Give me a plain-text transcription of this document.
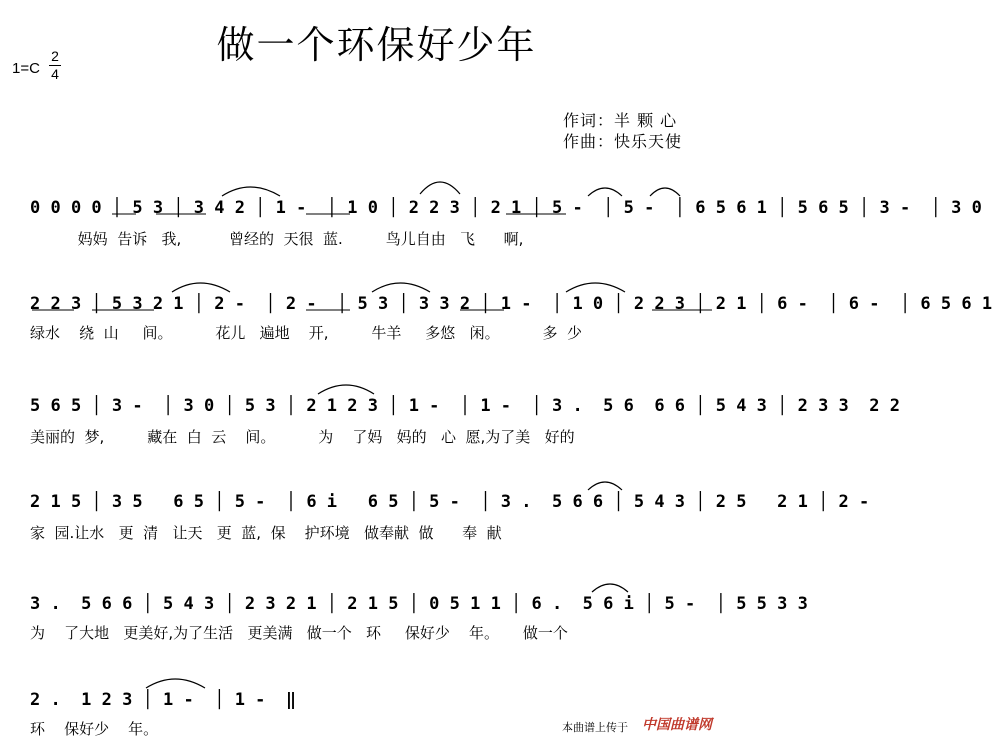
做一个环保好少年
1=C
2
4
作词：半 颗 心
作曲：快乐天使
0 0 0 0 │ 5 3 │ 3 4 2 │ 1 -  │ 1 0 │ 2 2 3 │ 2 1 │ 5 -  │ 5 -  │ 6 5 6 1 │ 5 6 5 │ 3 -  │ 3 0
妈妈  告诉   我,          曾经的  天很  蓝.         鸟儿自由   飞      啊,
2 2 3 │ 5 3 2 1 │ 2 -  │ 2 -  │ 5 3 │ 3 3 2 │ 1 -  │ 1 0 │ 2 2 3 │ 2 1 │ 6 -  │ 6 -  │ 6 5 6 1
绿水    绕  山     间。         花儿   遍地    开,         牛羊     多悠   闲。         多  少
5 6 5 │ 3 -  │ 3 0 │ 5 3 │ 2 1 2 3 │ 1 -  │ 1 -  │ 3 .  5 6  6 6 │ 5 4 3 │ 2 3 3  2 2
美丽的  梦,         藏在  白  云    间。         为    了妈   妈的   心  愿,为了美   好的
2 1 5 │ 3 5   6 5 │ 5 -  │ 6 i   6 5 │ 5 -  │ 3 .  5 6 6 │ 5 4 3 │ 2 5   2 1 │ 2 -
家  园.让水   更  清   让天   更  蓝,  保    护环境   做奉献  做      奉  献
3 .  5 6 6 │ 5 4 3 │ 2 3 2 1 │ 2 1 5 │ 0 5 1 1 │ 6 .  5 6 i │ 5 -  │ 5 5 3 3
为    了大地   更美好,为了生活   更美满   做一个   环     保好少    年。     做一个
2 .  1 2 3 │ 1 -  │ 1 -  ‖
环    保好少    年。	本曲谱上传于 中国曲谱网
